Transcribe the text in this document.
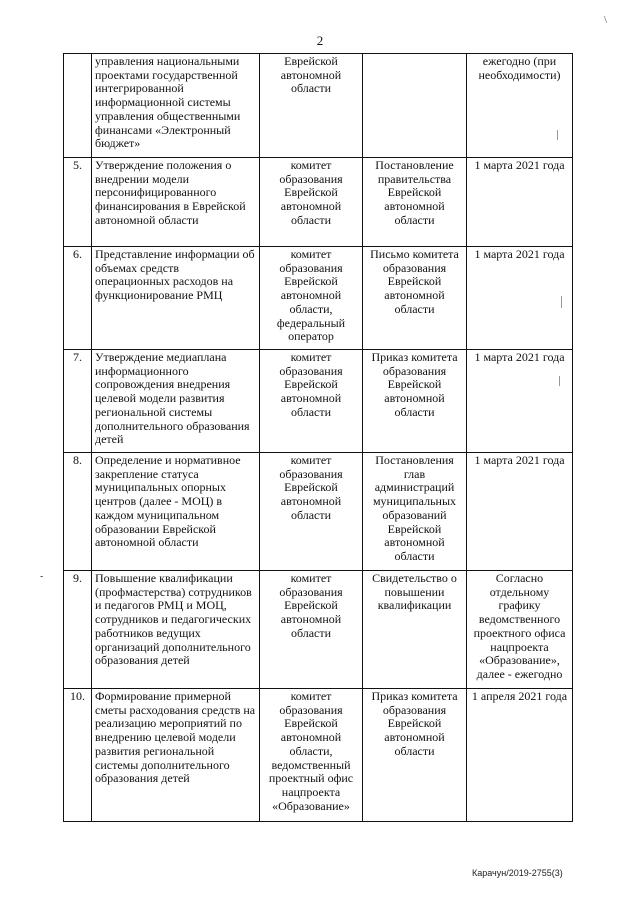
2
\
-
	управления национальными проектами государственной интегрированной информационной системы управления общественными финансами «Электронный бюджет»	Еврейской автономной области		ежегодно (при необходимости)
5.	Утверждение положения о внедрении модели персонифицированного финансирования в Еврейской автономной области	комитет образования Еврейской автономной области	Постановление правительства Еврейской автономной области	1 марта 2021 года
6.	Представление информации об объемах средств операционных расходов на функционирование РМЦ	комитет образования Еврейской автономной области, федеральный оператор	Письмо комитета образования Еврейской автономной области	1 марта 2021 года
7.	Утверждение медиаплана информационного сопровождения внедрения целевой модели развития региональной системы дополнительного образования детей	комитет образования Еврейской автономной области	Приказ комитета образования Еврейской автономной области	1 марта 2021 года
8.	Определение и нормативное закрепление статуса муниципальных опорных центров (далее - МОЦ) в каждом муниципальном образовании Еврейской автономной области	комитет образования Еврейской автономной области	Постановления глав администраций муниципальных образований Еврейской автономной области	1 марта 2021 года
9.	Повышение квалификации (профмастерства) сотрудников и педагогов РМЦ и МОЦ, сотрудников и педагогических работников ведущих организаций дополнительного образования детей	комитет образования Еврейской автономной области	Свидетельство о повышении квалификации	Согласно отдельному графику ведомственного проектного офиса нацпроекта «Образование», далее - ежегодно
10.	Формирование примерной сметы расходования средств на реализацию мероприятий по внедрению целевой модели развития региональной системы дополнительного образования детей	комитет образования Еврейской автономной области, ведомственный проектный офис нацпроекта «Образование»	Приказ комитета образования Еврейской автономной области	1 апреля 2021 года
Карачун/2019-2755(3)
